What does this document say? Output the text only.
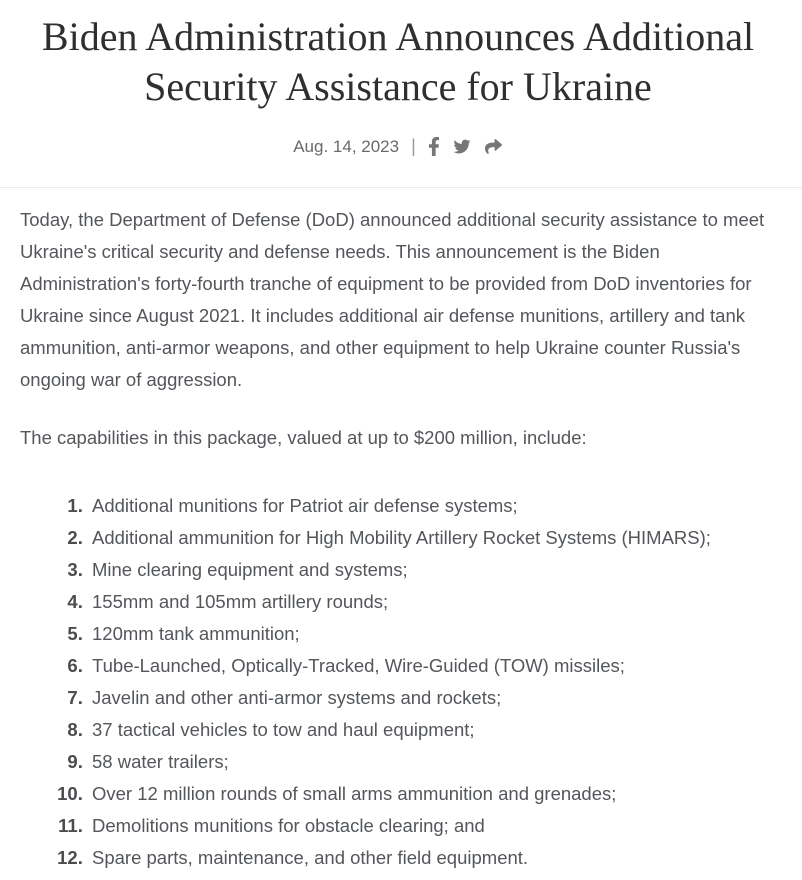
Biden Administration Announces Additional Security Assistance for Ukraine
Aug. 14, 2023 |

Today, the Department of Defense (DoD) announced additional security assistance to meet Ukraine's critical security and defense needs. This announcement is the Biden Administration's forty-fourth tranche of equipment to be provided from DoD inventories for Ukraine since August 2021. It includes additional air defense munitions, artillery and tank ammunition, anti-armor weapons, and other equipment to help Ukraine counter Russia's ongoing war of aggression.

The capabilities in this package, valued at up to $200 million, include:

1. Additional munitions for Patriot air defense systems;
2. Additional ammunition for High Mobility Artillery Rocket Systems (HIMARS);
3. Mine clearing equipment and systems;
4. 155mm and 105mm artillery rounds;
5. 120mm tank ammunition;
6. Tube-Launched, Optically-Tracked, Wire-Guided (TOW) missiles;
7. Javelin and other anti-armor systems and rockets;
8. 37 tactical vehicles to tow and haul equipment;
9. 58 water trailers;
10. Over 12 million rounds of small arms ammunition and grenades;
11. Demolitions munitions for obstacle clearing; and
12. Spare parts, maintenance, and other field equipment.
